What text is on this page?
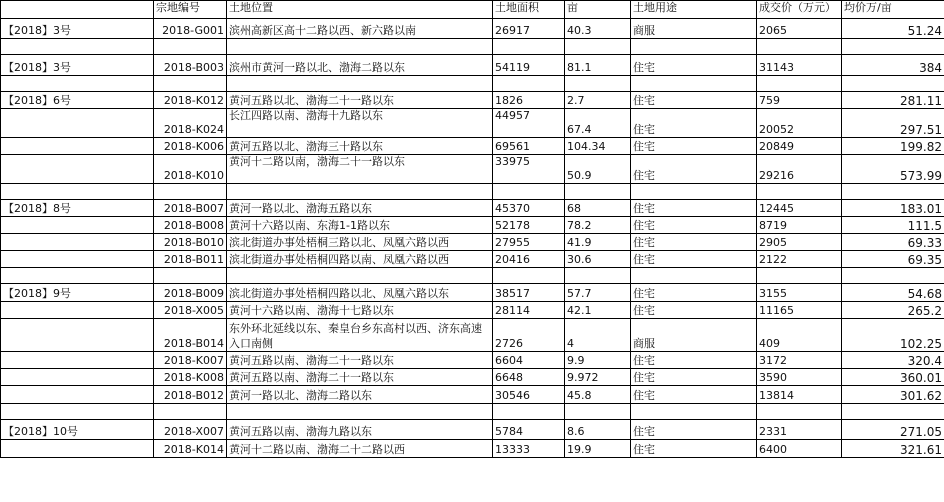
	宗地编号	土地位置	土地面积	亩	土地用途	成交价（万元）	均价万/亩
【2018】3号	2018-G001	滨州高新区高十二路以西、新六路以南	26917	40.3	商服	2065	51.24

【2018】3号	2018-B003	滨州市黄河一路以北、渤海二路以东	54119	81.1	住宅	31143	384

【2018】6号	2018-K012	黄河五路以北、渤海二十一路以东	1826	2.7	住宅	759	281.11
	2018-K024	长江四路以南、渤海十九路以东	44957	67.4	住宅	20052	297.51
	2018-K006	黄河五路以北、渤海三十路以东	69561	104.34	住宅	20849	199.82
	2018-K010	黄河十二路以南，渤海二十一路以东	33975	50.9	住宅	29216	573.99

【2018】8号	2018-B007	黄河一路以北、渤海五路以东	45370	68	住宅	12445	183.01
	2018-B008	黄河十六路以南、东海1-1路以东	52178	78.2	住宅	8719	111.5
	2018-B010	滨北街道办事处梧桐三路以北、凤凰六路以西	27955	41.9	住宅	2905	69.33
	2018-B011	滨北街道办事处梧桐四路以南、凤凰六路以西	20416	30.6	住宅	2122	69.35

【2018】9号	2018-B009	滨北街道办事处梧桐四路以北、凤凰六路以东	38517	57.7	住宅	3155	54.68
	2018-X005	黄河十六路以南、渤海十七路以东	28114	42.1	住宅	11165	265.2
	2018-B014	东外环北延线以东、秦皇台乡东高村以西、济东高速入口南侧	2726	4	商服	409	102.25
	2018-K007	黄河五路以南、渤海二十一路以东	6604	9.9	住宅	3172	320.4
	2018-K008	黄河五路以南、渤海二十一路以东	6648	9.972	住宅	3590	360.01
	2018-B012	黄河一路以北、渤海二路以东	30546	45.8	住宅	13814	301.62

【2018】10号	2018-X007	黄河五路以南、渤海九路以东	5784	8.6	住宅	2331	271.05
	2018-K014	黄河十二路以南、渤海二十二路以西	13333	19.9	住宅	6400	321.61
